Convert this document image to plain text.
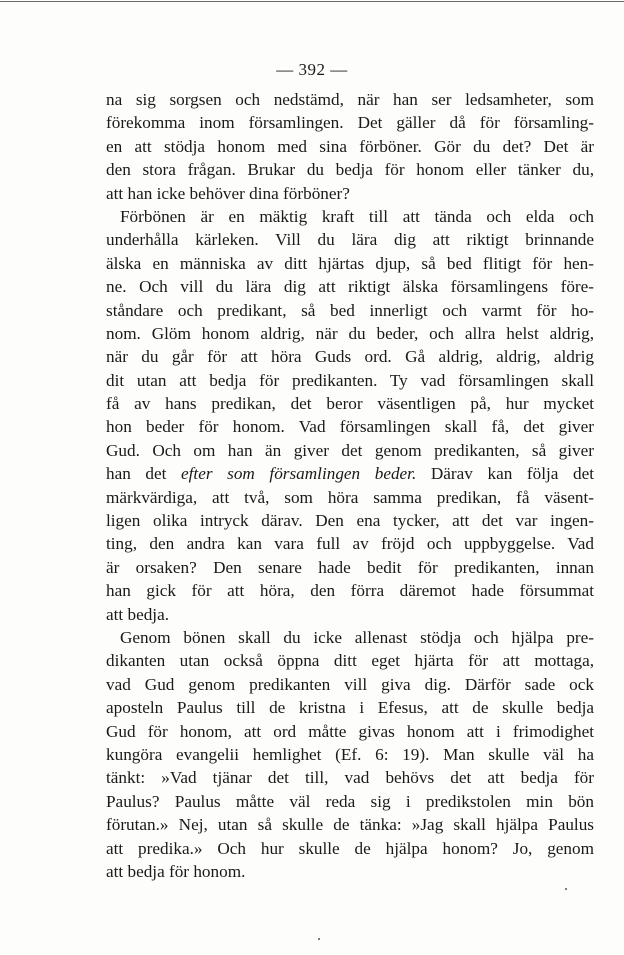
— 392 —
na sig sorgsen och nedstämd, när han ser ledsamheter, som
förekomma inom församlingen. Det gäller då för församling-
en att stödja honom med sina förböner. Gör du det? Det är
den stora frågan. Brukar du bedja för honom eller tänker du,
att han icke behöver dina förböner?
Förbönen är en mäktig kraft till att tända och elda och
underhålla kärleken. Vill du lära dig att riktigt brinnande
älska en människa av ditt hjärtas djup, så bed flitigt för hen-
ne. Och vill du lära dig att riktigt älska församlingens före-
ståndare och predikant, så bed innerligt och varmt för ho-
nom. Glöm honom aldrig, när du beder, och allra helst aldrig,
när du går för att höra Guds ord. Gå aldrig, aldrig, aldrig
dit utan att bedja för predikanten. Ty vad församlingen skall
få av hans predikan, det beror väsentligen på, hur mycket
hon beder för honom. Vad församlingen skall få, det giver
Gud. Och om han än giver det genom predikanten, så giver
han det efter som församlingen beder. Därav kan följa det
märkvärdiga, att två, som höra samma predikan, få väsent-
ligen olika intryck därav. Den ena tycker, att det var ingen-
ting, den andra kan vara full av fröjd och uppbyggelse. Vad
är orsaken? Den senare hade bedit för predikanten, innan
han gick för att höra, den förra däremot hade försummat
att bedja.
Genom bönen skall du icke allenast stödja och hjälpa pre-
dikanten utan också öppna ditt eget hjärta för att mottaga,
vad Gud genom predikanten vill giva dig. Därför sade ock
aposteln Paulus till de kristna i Efesus, att de skulle bedja
Gud för honom, att ord måtte givas honom att i frimodighet
kungöra evangelii hemlighet (Ef. 6: 19). Man skulle väl ha
tänkt: »Vad tjänar det till, vad behövs det att bedja för
Paulus? Paulus måtte väl reda sig i predikstolen min bön
förutan.» Nej, utan så skulle de tänka: »Jag skall hjälpa Paulus
att predika.» Och hur skulle de hjälpa honom? Jo, genom
att bedja för honom.
